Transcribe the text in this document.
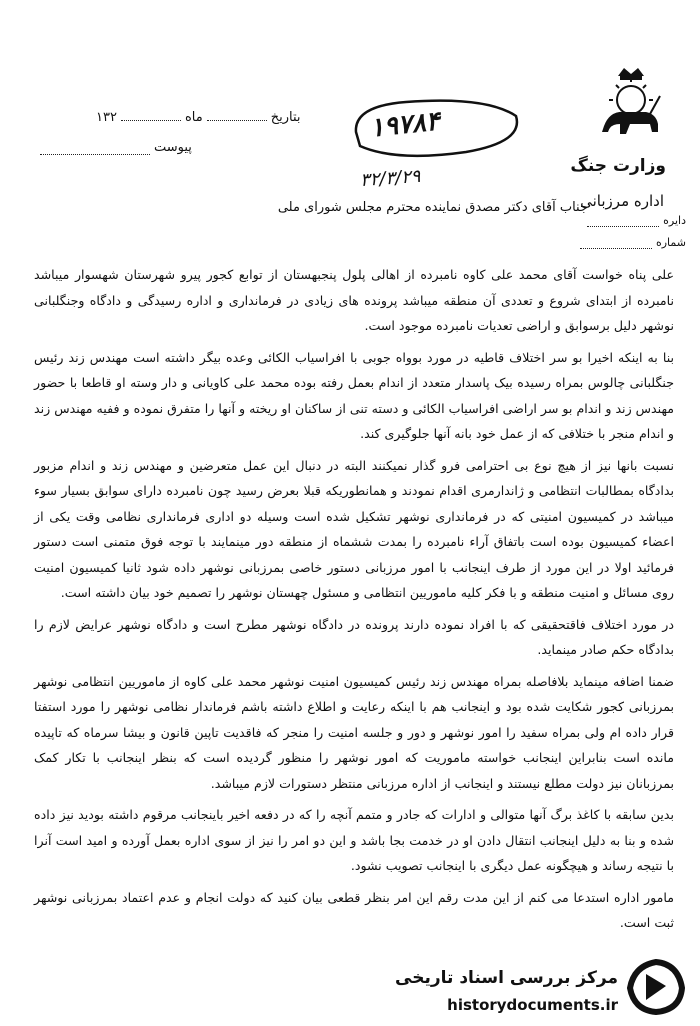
وزارت جنگ
اداره مرزبانی
دایره
شماره
بتاریخ
ماه
۱۳۲
پیوست
۱۹۷۸۴
۳۲/۳/۲۹
جناب آقای دکتر مصدق نماینده محترم مجلس شورای ملی

علی پناه خواست آقای محمد علی کاوه نامبرده از اهالی پلول پنجبهستان از توابع کجور پیرو شهرستان شهسوار میباشد نامبرده از ابتدای شروع و تعددی آن منطقه میباشد پرونده های زیادی در فرمانداری و اداره رسیدگی و دادگاه وجنگلبانی نوشهر دلیل برسوابق و اراضی تعدیات نامبرده موجود است.

بنا به اینکه اخیرا بو سر اختلاف قاطیه در مورد بوواه جوبی با افراسیاب الکائی وعده بیگر داشته است مهندس زند رئیس جنگلبانی چالوس بمراه رسیده بیک پاسدار متعدد از اندام بعمل رفته بوده محمد علی کاویانی و دار وسته او قاطعا با حضور مهندس زند و اندام بو سر اراضی افراسیاب الکائی و دسته تنی از ساکنان او ریخته و آنها را متفرق نموده و ففیه مهندس زند و اندام منجر با ختلافی که از عمل خود بانه آنها جلوگیری کند.

نسبت بانها نیز از هیچ نوع بی احترامی فرو گذار نمیکنند البته در دنبال این عمل متعرضین و مهندس زند و اندام مزبور بدادگاه بمطالبات انتظامی و ژاندارمری اقدام نمودند و همانطوریکه قبلا بعرض رسید چون نامبرده دارای سوابق بسیار سوء میباشد در کمیسیون امنیتی که در فرمانداری نوشهر تشکیل شده است وسیله دو اداری فرمانداری نظامی وقت یکی از اعضاء کمیسیون بوده است باتفاق آراء نامبرده را بمدت ششماه از منطقه دور مینمایند با توجه فوق متمنی است دستور فرمائید اولا در این مورد از طرف اینجانب با امور مرزبانی دستور خاصی بمرزبانی نوشهر داده شود ثانیا کمیسیون امنیت روی مسائل و امنیت منطقه و با فکر کلیه ماموریین انتظامی و مسئول چهستان نوشهر را تصمیم خود بیان داشته است.

در مورد اختلاف فاقتحقیقی که با افراد نموده دارند پرونده در دادگاه نوشهر مطرح است و دادگاه نوشهر عرایض لازم را بدادگاه حکم صادر مینماید.

ضمنا اضافه مینماید بلافاصله بمراه مهندس زند رئیس کمیسیون امنیت نوشهر محمد علی کاوه از ماموریین انتظامی نوشهر بمرزبانی کجور شکایت شده بود و اینجانب هم با اینکه رعایت و اطلاع داشته باشم فرماندار نظامی نوشهر را مورد استفتا قرار داده ام ولی بمراه سفید را امور نوشهر و دور و جلسه امنیت را منجر که فاقدیت تاپین قانون و بیشا سرماه که تاپیده مانده است بنابراین اینجانب خواسته ماموریت که امور نوشهر را منظور گردیده است که بنظر اینجانب با تکار کمک بمرزبانان نیز دولت مطلع نیستند و اینجانب از اداره مرزبانی منتظر دستورات لازم میباشد.

بدین سابقه با کاغذ برگ آنها متوالی و ادارات که جادر و متمم آنچه را که در دفعه اخیر باینجانب مرقوم داشته بودید نیز داده شده و بنا به دلیل اینجانب انتقال دادن او در خدمت بجا باشد و این دو امر را نیز از سوی اداره بعمل آورده و امید است آنرا با نتیجه رساند و هیچگونه عمل دیگری با اینجانب تصویب نشود.

مامور اداره استدعا می کنم از این مدت رقم این امر بنظر قطعی بیان کنید که دولت انجام و عدم اعتماد بمرزبانی نوشهر ثبت است.

مرکز بررسی اسناد تاریخی
historydocuments.ir
